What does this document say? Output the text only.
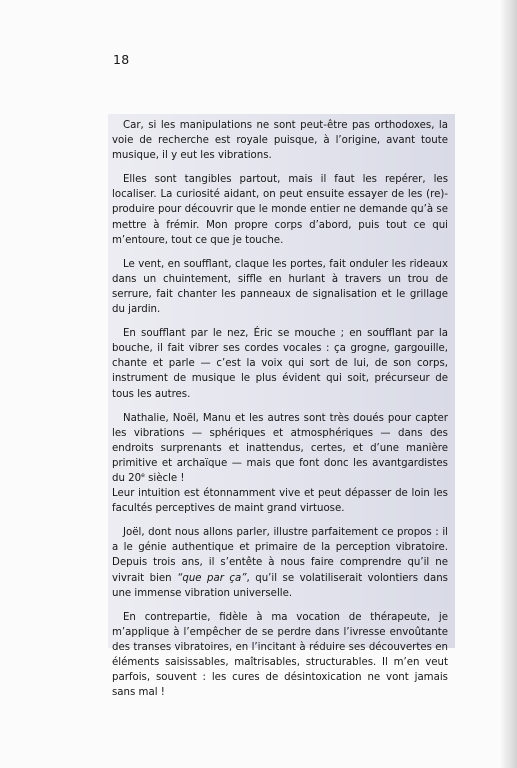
18

Car, si les manipulations ne sont peut-être pas orthodoxes, la voie de recherche est royale puisque, à l’origine, avant toute musique, il y eut les vibrations.

Elles sont tangibles partout, mais il faut les repérer, les localiser. La curiosité aidant, on peut ensuite essayer de les (re)-produire pour découvrir que le monde entier ne demande qu’à se mettre à frémir. Mon propre corps d’abord, puis tout ce qui m’entoure, tout ce que je touche.

Le vent, en soufflant, claque les portes, fait onduler les rideaux dans un chuintement, siffle en hurlant à travers un trou de serrure, fait chanter les panneaux de signalisation et le grillage du jardin.

En soufflant par le nez, Éric se mouche ; en soufflant par la bouche, il fait vibrer ses cordes vocales : ça grogne, gargouille, chante et parle — c’est la voix qui sort de lui, de son corps, instrument de musique le plus évident qui soit, précurseur de tous les autres.

Nathalie, Noël, Manu et les autres sont très doués pour capter les vibrations — sphériques et atmosphériques — dans des endroits surprenants et inattendus, certes, et d’une manière primitive et archaïque — mais que font donc les avantgardistes du 20e siècle !

Leur intuition est étonnamment vive et peut dépasser de loin les facultés perceptives de maint grand virtuose.

Joël, dont nous allons parler, illustre parfaitement ce propos : il a le génie authentique et primaire de la perception vibratoire. Depuis trois ans, il s’entête à nous faire comprendre qu’il ne vivrait bien “que par ça”, qu’il se volatiliserait volontiers dans une immense vibration universelle.

En contrepartie, fidèle à ma vocation de thérapeute, je m’applique à l’empêcher de se perdre dans l’ivresse envoûtante des transes vibratoires, en l’incitant à réduire ses découvertes en éléments saisissables, maîtrisables, structurables. Il m’en veut parfois, souvent : les cures de désintoxication ne vont jamais sans mal !
